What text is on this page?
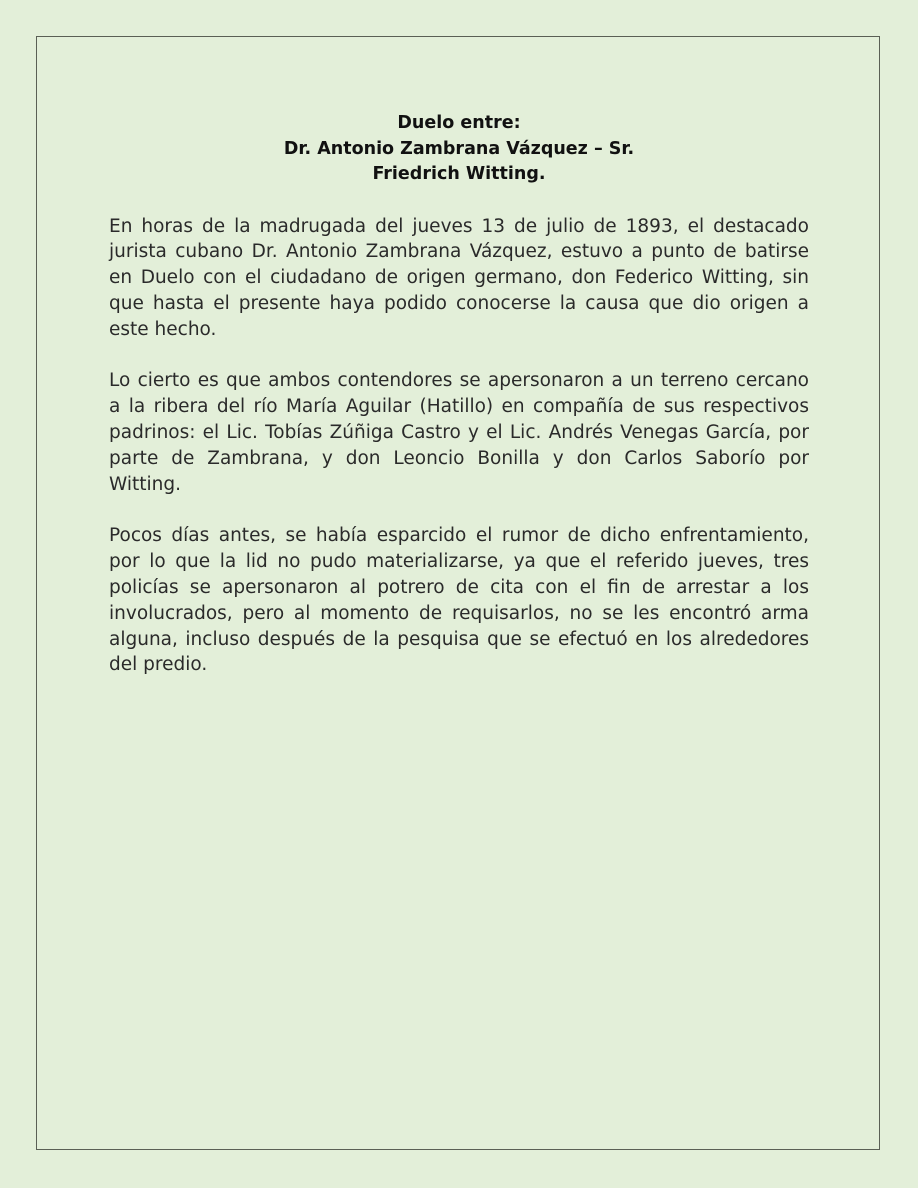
Duelo entre:
Dr. Antonio Zambrana Vázquez – Sr.
Friedrich Witting.

En horas de la madrugada del jueves 13 de julio de 1893, el destacado jurista cubano Dr. Antonio Zambrana Vázquez, estuvo a punto de batirse en Duelo con el ciudadano de origen germano, don Federico Witting, sin que hasta el presente haya podido conocerse la causa que dio origen a este hecho.

Lo cierto es que ambos contendores se apersonaron a un terreno cercano a la ribera del río María Aguilar (Hatillo) en compañía de sus respectivos padrinos: el Lic. Tobías Zúñiga Castro y el Lic. Andrés Venegas García, por parte de Zambrana, y don Leoncio Bonilla y don Carlos Saborío por Witting.

Pocos días antes, se había esparcido el rumor de dicho enfrentamiento, por lo que la lid no pudo materializarse, ya que el referido jueves, tres policías se apersonaron al potrero de cita con el fin de arrestar a los involucrados, pero al momento de requisarlos, no se les encontró arma alguna, incluso después de la pesquisa que se efectuó en los alrededores del predio.
